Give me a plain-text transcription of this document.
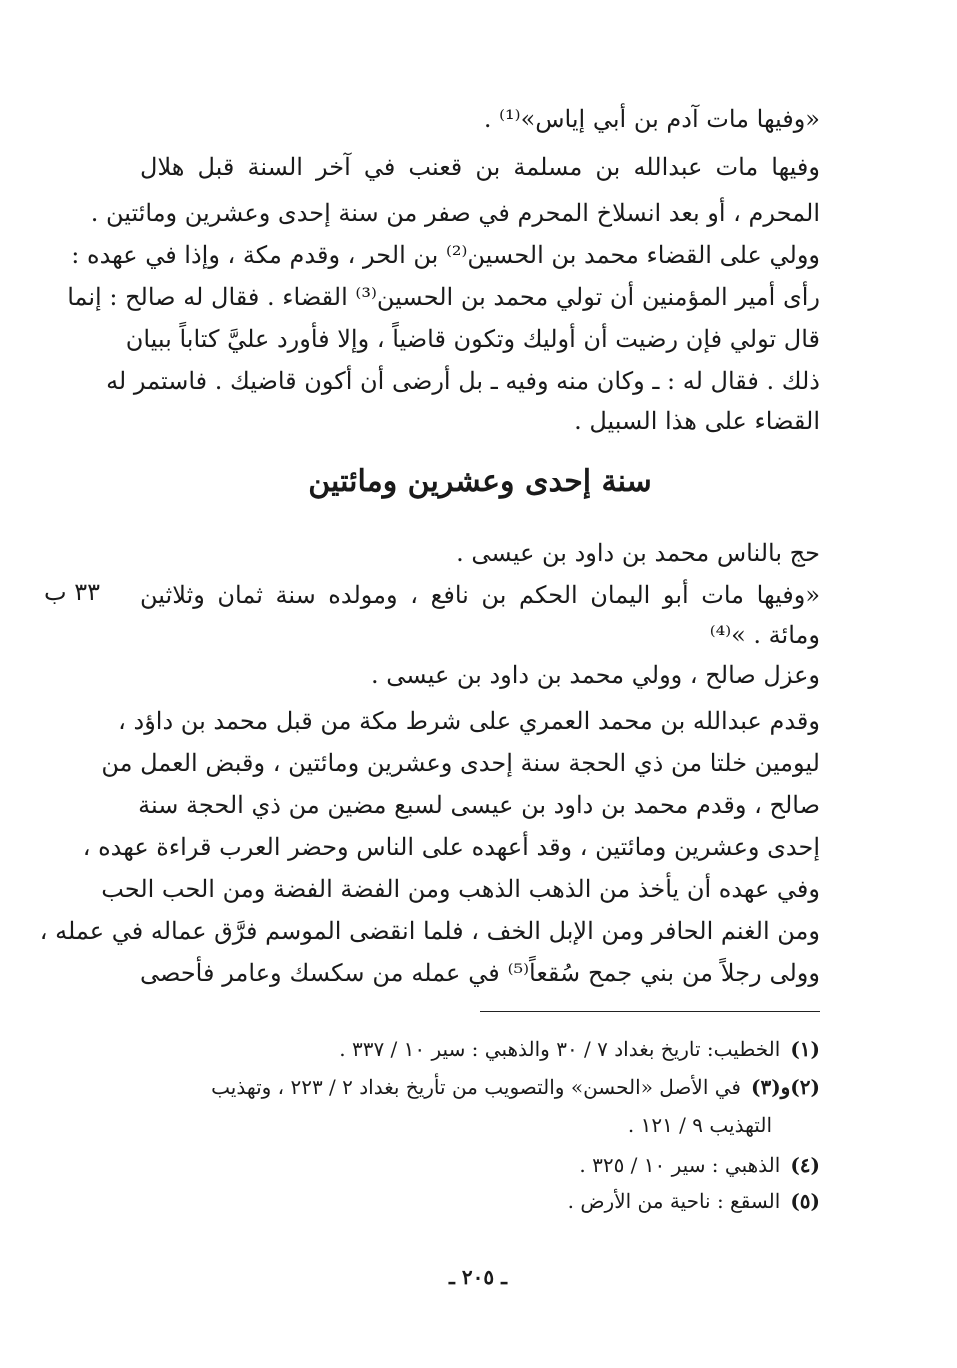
«وفيها مات آدم بن أبي إياس»⁽¹⁾ .
وفيها مات عبدالله بن مسلمة بن قعنب في آخر السنة قبل هلال
المحرم ، أو بعد انسلاخ المحرم في صفر من سنة إحدى وعشرين ومائتين .
وولي على القضاء محمد بن الحسين⁽²⁾ بن الحر ، وقدم مكة ، وإذا في عهده :
رأى أمير المؤمنين أن تولي محمد بن الحسين⁽³⁾ القضاء . فقال له صالح : إنما
قال تولي فإن رضيت أن أوليك وتكون قاضياً ، وإلا فأورد عليَّ كتاباً ببيان
ذلك . فقال له : ـ وكان منه وفيه ـ بل أرضى أن أكون قاضيك . فاستمر له
القضاء على هذا السبيل .
سنة إحدى وعشرين ومائتين
حج بالناس محمد بن داود بن عيسى .
«وفيها مات أبو اليمان الحكم بن نافع ، ومولده سنة ثمان وثلاثين
ومائة . »⁽⁴⁾
وعزل صالح ، وولي محمد بن داود بن عيسى .
وقدم عبدالله بن محمد العمري على شرط مكة من قبل محمد بن داؤد ،
ليومين خلتا من ذي الحجة سنة إحدى وعشرين ومائتين ، وقبض العمل من
صالح ، وقدم محمد بن داود بن عيسى لسبع مضين من ذي الحجة سنة
إحدى وعشرين ومائتين ، وقد أعهده على الناس وحضر العرب قراءة عهده ،
وفي عهده أن يأخذ من الذهب الذهب ومن الفضة الفضة ومن الحب الحب
ومن الغنم الحافر ومن الإبل الخف ، فلما انقضى الموسم فرَّق عماله في عمله ،
وولى رجلاً من بني جمح سُقعاً⁽⁵⁾ في عمله من سكسك وعامر فأحصى
٣٣ ب
(١)الخطيب: تاريخ بغداد ٧ / ٣٠ والذهبي : سير ١٠ / ٣٣٧ .
(٢)و(٣)في الأصل «الحسن» والتصويب من تأريخ بغداد ٢ / ٢٢٣ ، وتهذيب
التهذيب ٩ / ١٢١ .
(٤)الذهبي : سير ١٠ / ٣٢٥ .
(٥)السقع : ناحية من الأرض .
ـ ٢٠٥ ـ
